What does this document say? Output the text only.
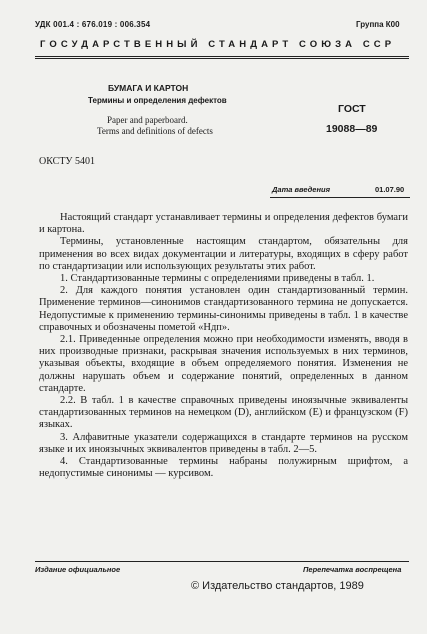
УДК 001.4 : 676.019 : 006.354	Группа К00
ГОСУДАРСТВЕННЫЙ СТАНДАРТ СОЮЗА ССР
БУМАГА И КАРТОН
Термины и определения дефектов
Paper and paperboard.
Terms and definitions of defects
ГОСТ
19088—89
ОКСТУ 5401
Дата введения	01.07.90

Настоящий стандарт устанавливает термины и определения дефектов бумаги и картона.

Термины, установленные настоящим стандартом, обязательны для применения во всех видах документации и литературы, входящих в сферу работ по стандартизации или использующих результаты этих работ.

1. Стандартизованные термины с определениями приведены в табл. 1.

2. Для каждого понятия установлен один стандартизованный термин. Применение терминов—синонимов стандартизованного термина не допускается. Недопустимые к применению термины-синонимы приведены в табл. 1 в качестве справочных и обозначены пометой «Ндп».

2.1. Приведенные определения можно при необходимости изменять, вводя в них производные признаки, раскрывая значения используемых в них терминов, указывая объекты, входящие в объем определяемого понятия. Изменения не должны нарушать объем и содержание понятий, определенных в данном стандарте.

2.2. В табл. 1 в качестве справочных приведены иноязычные эквиваленты стандартизованных терминов на немецком (D), английском (E) и французском (F) языках.

3. Алфавитные указатели содержащихся в стандарте терминов на русском языке и их иноязычных эквивалентов приведены в табл. 2—5.

4. Стандартизованные термины набраны полужирным шрифтом, а недопустимые синонимы — курсивом.

Издание официальное	Перепечатка воспрещена
© Издательство стандартов, 1989
